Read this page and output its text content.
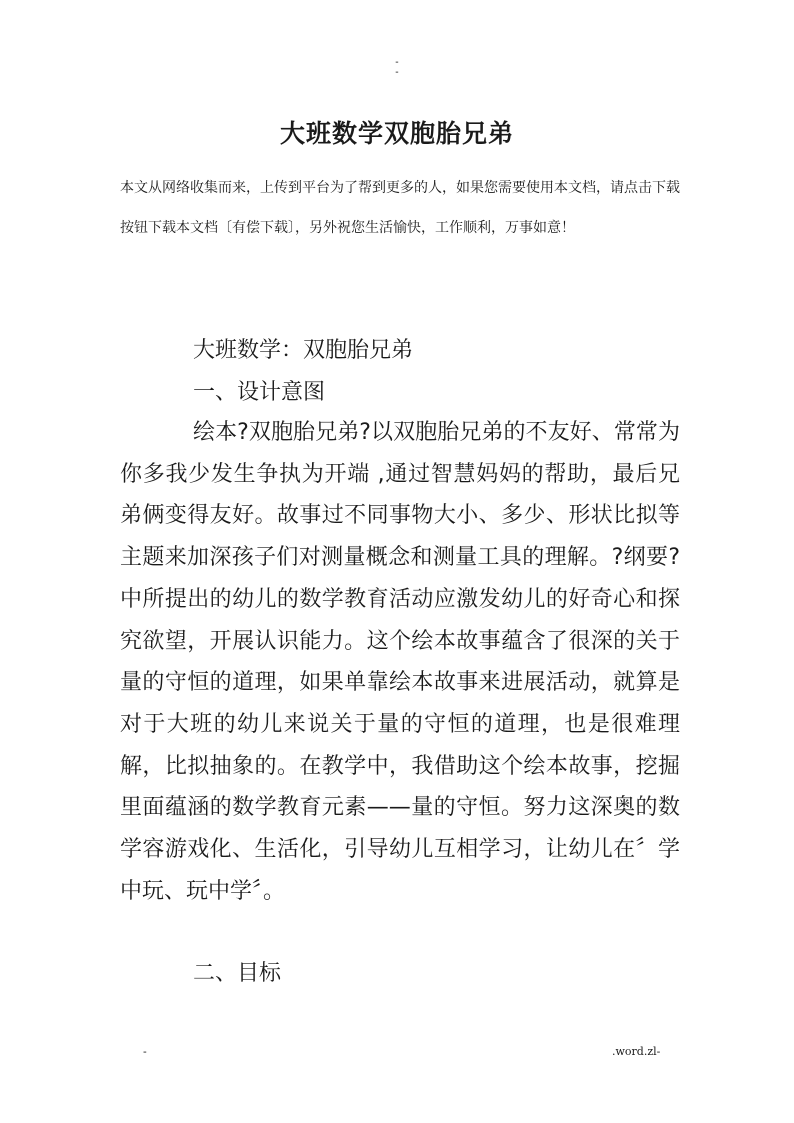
-
-
大班数学双胞胎兄弟

本文从网络收集而来，上传到平台为了帮到更多的人，如果您需要使用本文档，请点击下载按钮下载本文档〔有偿下载〕，另外祝您生活愉快，工作顺利，万事如意！

大班数学：双胞胎兄弟

一、设计意图

绘本?双胞胎兄弟?以双胞胎兄弟的不友好、常常为你多我少发生争执为开端 ,通过智慧妈妈的帮助，最后兄弟俩变得友好。故事过不同事物大小、多少、形状比拟等主题来加深孩子们对测量概念和测量工具的理解。?纲要?中所提出的幼儿的数学教育活动应激发幼儿的好奇心和探究欲望，开展认识能力。这个绘本故事蕴含了很深的关于量的守恒的道理，如果单靠绘本故事来进展活动，就算是对于大班的幼儿来说关于量的守恒的道理，也是很难理解，比拟抽象的。在教学中，我借助这个绘本故事，挖掘里面蕴涵的数学教育元素——量的守恒。努力这深奥的数学容游戏化、生活化，引导幼儿互相学习，让幼儿在〞学中玩、玩中学〞。

二、目标

-	.word.zl-
